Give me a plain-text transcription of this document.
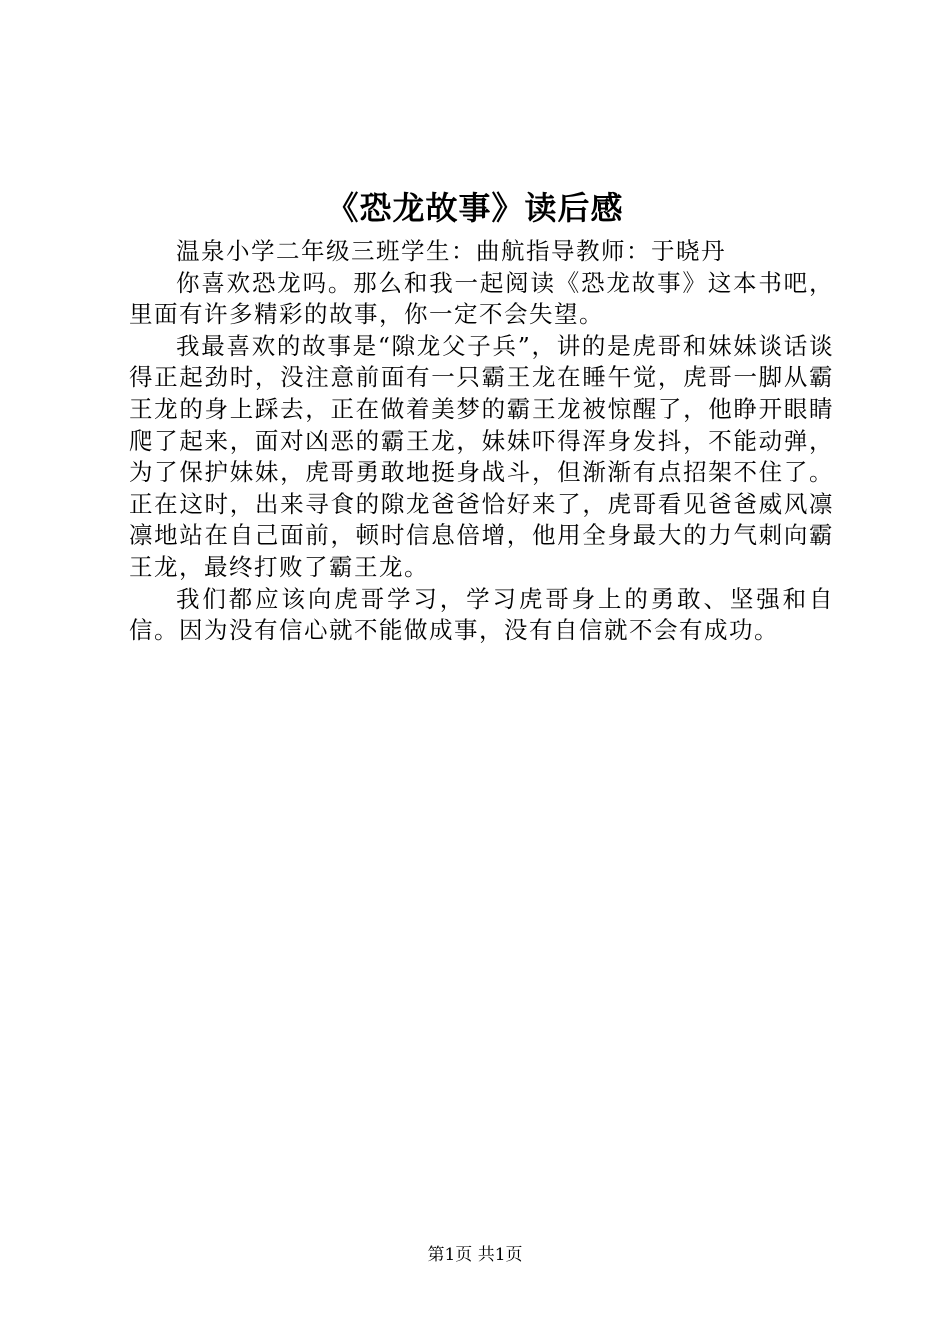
《恐龙故事》读后感

温泉小学二年级三班学生：曲航指导教师：于晓丹

你喜欢恐龙吗。那么和我一起阅读《恐龙故事》这本书吧，里面有许多精彩的故事，你一定不会失望。

我最喜欢的故事是“隙龙父子兵”，讲的是虎哥和妹妹谈话谈得正起劲时，没注意前面有一只霸王龙在睡午觉，虎哥一脚从霸王龙的身上踩去，正在做着美梦的霸王龙被惊醒了，他睁开眼睛爬了起来，面对凶恶的霸王龙，妹妹吓得浑身发抖，不能动弹，为了保护妹妹，虎哥勇敢地挺身战斗，但渐渐有点招架不住了。正在这时，出来寻食的隙龙爸爸恰好来了，虎哥看见爸爸威风凛凛地站在自己面前，顿时信息倍增，他用全身最大的力气刺向霸王龙，最终打败了霸王龙。

我们都应该向虎哥学习，学习虎哥身上的勇敢、坚强和自信。因为没有信心就不能做成事，没有自信就不会有成功。

第1页 共1页
